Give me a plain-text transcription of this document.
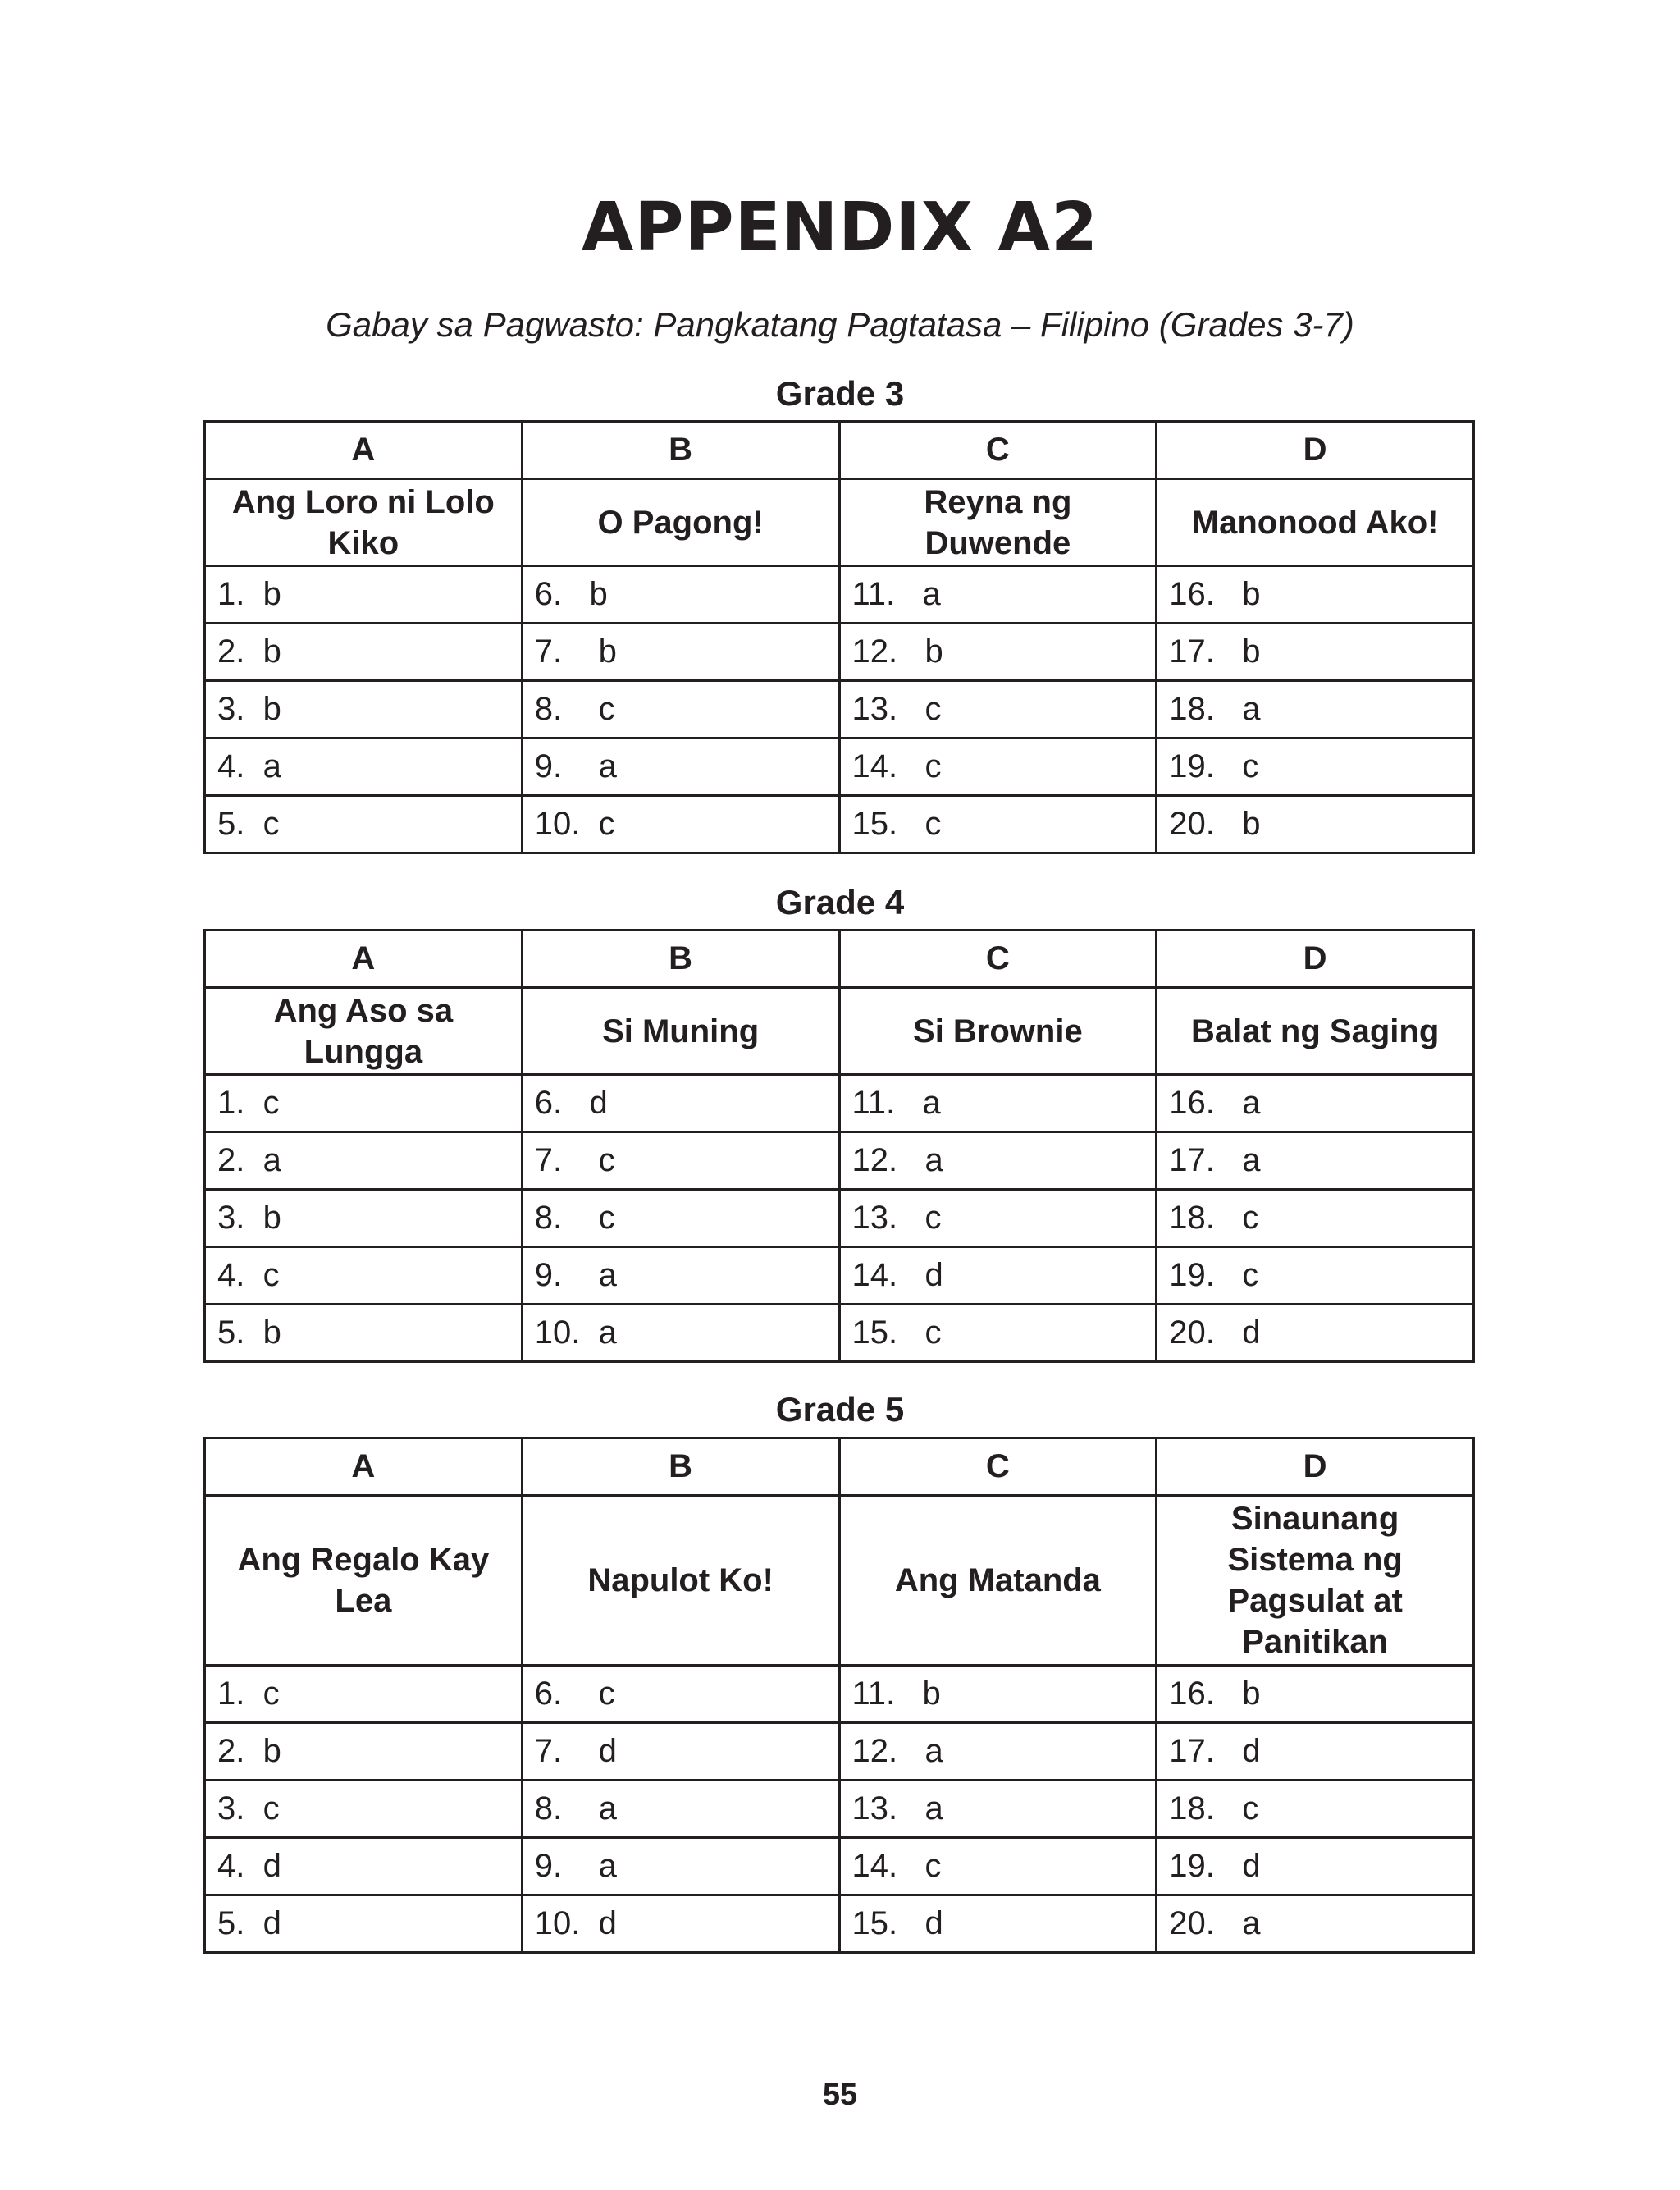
APPENDIX A2

Gabay sa Pagwasto: Pangkatang Pagtatasa – Filipino (Grades 3-7)

Grade 3
A	B	C	D
Ang Loro ni Lolo Kiko	O Pagong!	Reyna ng Duwende	Manonood Ako!
1.  b	6.   b	11.   a	16.   b
2.  b	7.    b	12.   b	17.   b
3.  b	8.    c	13.   c	18.   a
4.  a	9.    a	14.   c	19.   c
5.  c	10.  c	15.   c	20.   b
Grade 4
A	B	C	D
Ang Aso sa Lungga	Si Muning	Si Brownie	Balat ng Saging
1.  c	6.   d	11.   a	16.   a
2.  a	7.    c	12.   a	17.   a
3.  b	8.    c	13.   c	18.   c
4.  c	9.    a	14.   d	19.   c
5.  b	10.  a	15.   c	20.   d
Grade 5
A	B	C	D
Ang Regalo Kay Lea	Napulot Ko!	Ang Matanda	Sinaunang Sistema ng Pagsulat at Panitikan
1.  c	6.    c	11.   b	16.   b
2.  b	7.    d	12.   a	17.   d
3.  c	8.    a	13.   a	18.   c
4.  d	9.    a	14.   c	19.   d
5.  d	10.  d	15.   d	20.   a

55
